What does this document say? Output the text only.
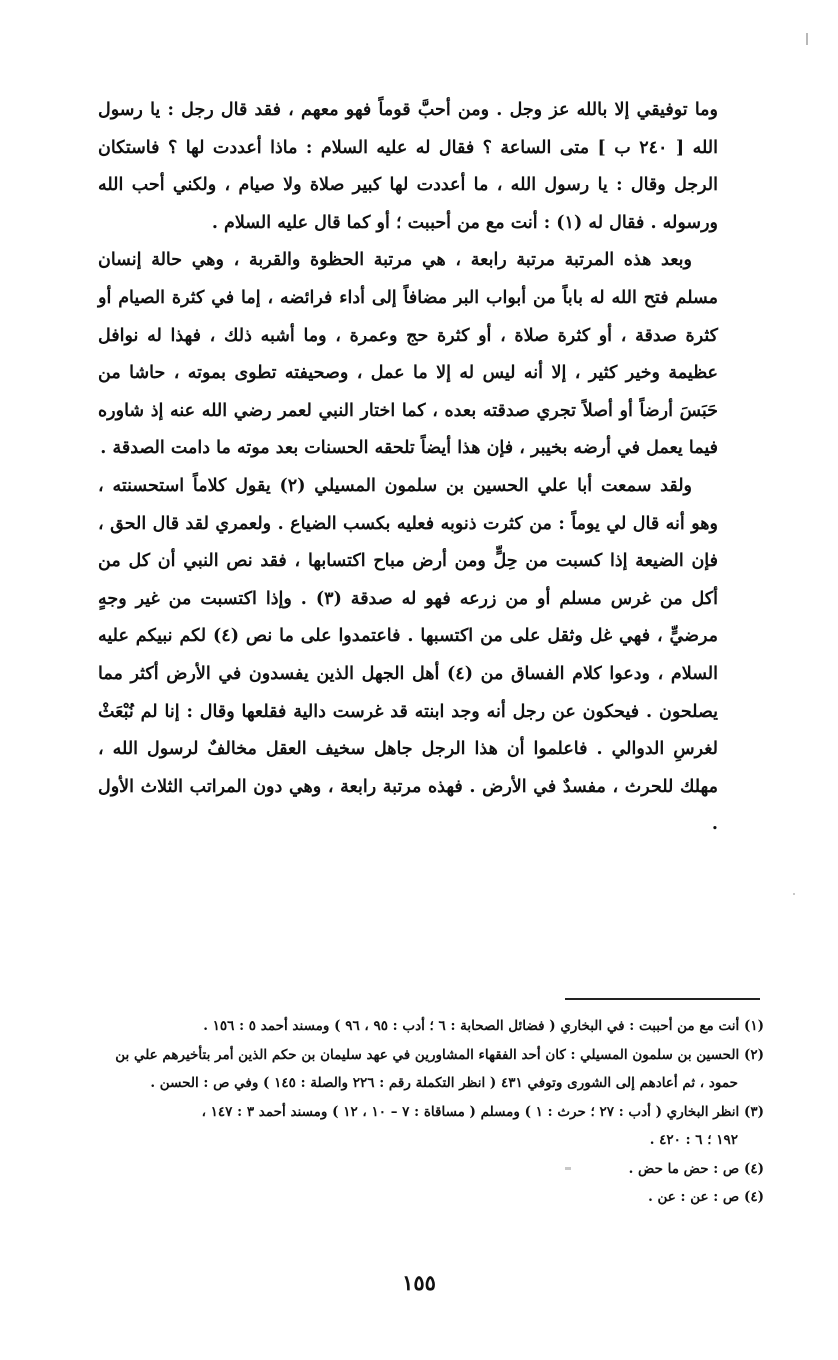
وما توفيقي إلا بالله عز وجل . ومن أحبَّ قوماً فهو معهم ، فقد قال رجل : يا رسول الله [ ٢٤٠ ب ] متى الساعة ؟ فقال له عليه السلام : ماذا أعددت لها ؟ فاستكان الرجل وقال : يا رسول الله ، ما أعددت لها كبير صلاة ولا صيام ، ولكني أحب الله ورسوله . فقال له (١) : أنت مع من أحببت ؛ أو كما قال عليه السلام .

وبعد هذه المرتبة مرتبة رابعة ، هي مرتبة الحظوة والقربة ، وهي حالة إنسان مسلم فتح الله له باباً من أبواب البر مضافاً إلى أداء فرائضه ، إما في كثرة الصيام أو كثرة صدقة ، أو كثرة صلاة ، أو كثرة حج وعمرة ، وما أشبه ذلك ، فهذا له نوافل عظيمة وخير كثير ، إلا أنه ليس له إلا ما عمل ، وصحيفته تطوى بموته ، حاشا من حَبَسَ أرضاً أو أصلاً تجري صدقته بعده ، كما اختار النبي لعمر رضي الله عنه إذ شاوره فيما يعمل في أرضه بخيبر ، فإن هذا أيضاً تلحقه الحسنات بعد موته ما دامت الصدقة .

ولقد سمعت أبا علي الحسين بن سلمون المسيلي (٢) يقول كلاماً استحسنته ، وهو أنه قال لي يوماً : من كثرت ذنوبه فعليه بكسب الضياع . ولعمري لقد قال الحق ، فإن الضيعة إذا كسبت من حِلٍّ ومن أرض مباح اكتسابها ، فقد نص النبي أن كل من أكل من غرس مسلم أو من زرعه فهو له صدقة (٣) . وإذا اكتسبت من غير وجهٍ مرضيٍّ ، فهي غل وثقل على من اكتسبها . فاعتمدوا على ما نص (٤) لكم نبيكم عليه السلام ، ودعوا كلام الفساق من (٤) أهل الجهل الذين يفسدون في الأرض أكثر مما يصلحون . فيحكون عن رجل أنه وجد ابنته قد غرست دالية فقلعها وقال : إنا لم نُبْعَثْ لغرسِ الدوالي . فاعلموا أن هذا الرجل جاهل سخيف العقل مخالفٌ لرسول الله ، مهلك للحرث ، مفسدٌ في الأرض . فهذه مرتبة رابعة ، وهي دون المراتب الثلاث الأول .

(١) أنت مع من أحببت : في البخاري ( فضائل الصحابة : ٦ ؛ أدب : ٩٥ ، ٩٦ ) ومسند أحمد ٥ : ١٥٦ .

(٢) الحسين بن سلمون المسيلي : كان أحد الفقهاء المشاورين في عهد سليمان بن حكم الذين أمر بتأخيرهم علي بن

حمود ، ثم أعادهم إلى الشورى وتوفي ٤٣١ ( انظر التكملة رقم : ٢٢٦ والصلة : ١٤٥ ) وفي ص : الحسن .

(٣) انظر البخاري ( أدب : ٢٧ ؛ حرث : ١ ) ومسلم ( مساقاة : ٧ – ١٠ ، ١٢ ) ومسند أحمد ٣ : ١٤٧ ،

١٩٢ ؛ ٦ : ٤٢٠ .

(٤) ص : حض ما حض .

(٤) ص : عن : عن .

١٥٥
